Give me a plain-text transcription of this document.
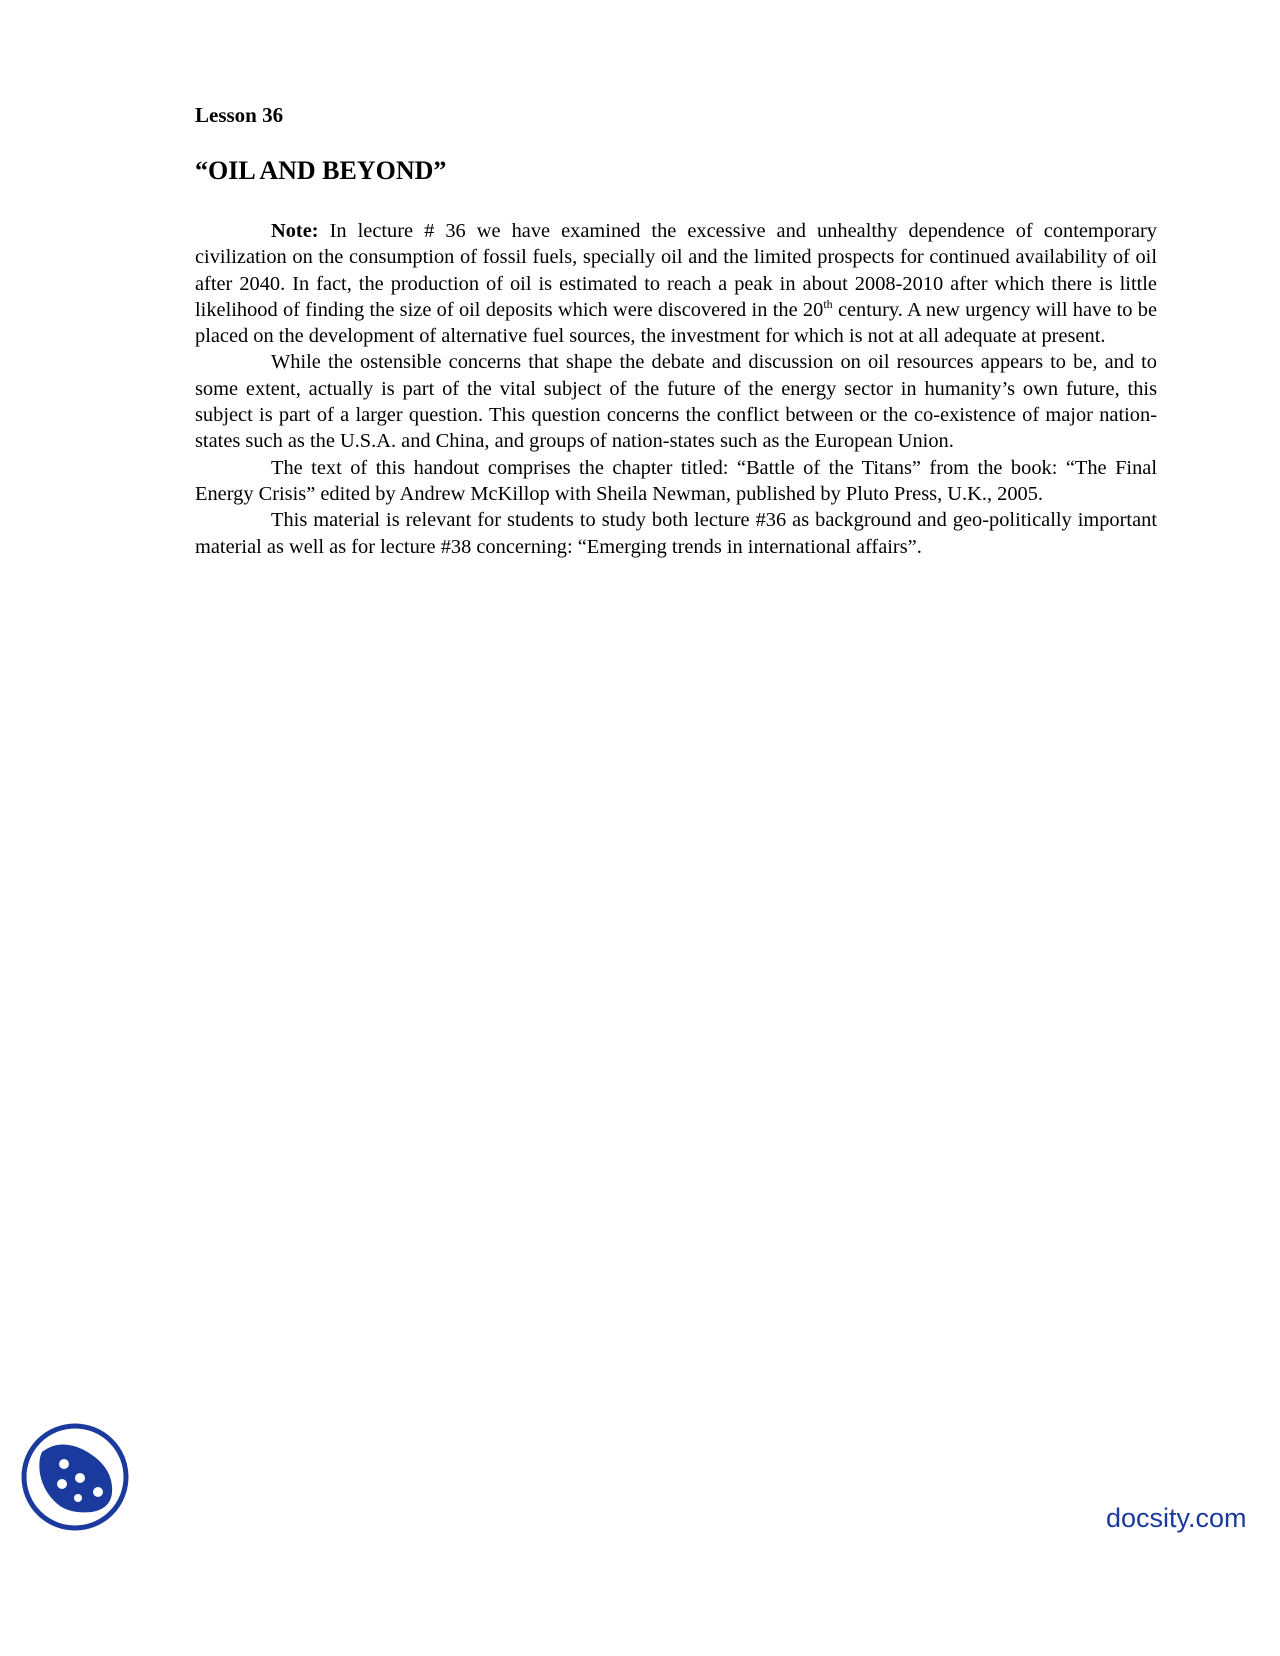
Lesson 36
“OIL AND BEYOND”

Note: In lecture # 36 we have examined the excessive and unhealthy dependence of contemporary civilization on the consumption of fossil fuels, specially oil and the limited prospects for continued availability of oil after 2040. In fact, the production of oil is estimated to reach a peak in about 2008-2010 after which there is little likelihood of finding the size of oil deposits which were discovered in the 20th century. A new urgency will have to be placed on the development of alternative fuel sources, the investment for which is not at all adequate at present.

While the ostensible concerns that shape the debate and discussion on oil resources appears to be, and to some extent, actually is part of the vital subject of the future of the energy sector in humanity’s own future, this subject is part of a larger question. This question concerns the conflict between or the co-existence of major nation-states such as the U.S.A. and China, and groups of nation-states such as the European Union.

The text of this handout comprises the chapter titled: “Battle of the Titans” from the book: “The Final Energy Crisis” edited by Andrew McKillop with Sheila Newman, published by Pluto Press, U.K., 2005.

This material is relevant for students to study both lecture #36 as background and geo-politically important material as well as for lecture #38 concerning: “Emerging trends in international affairs”.

docsity.com
